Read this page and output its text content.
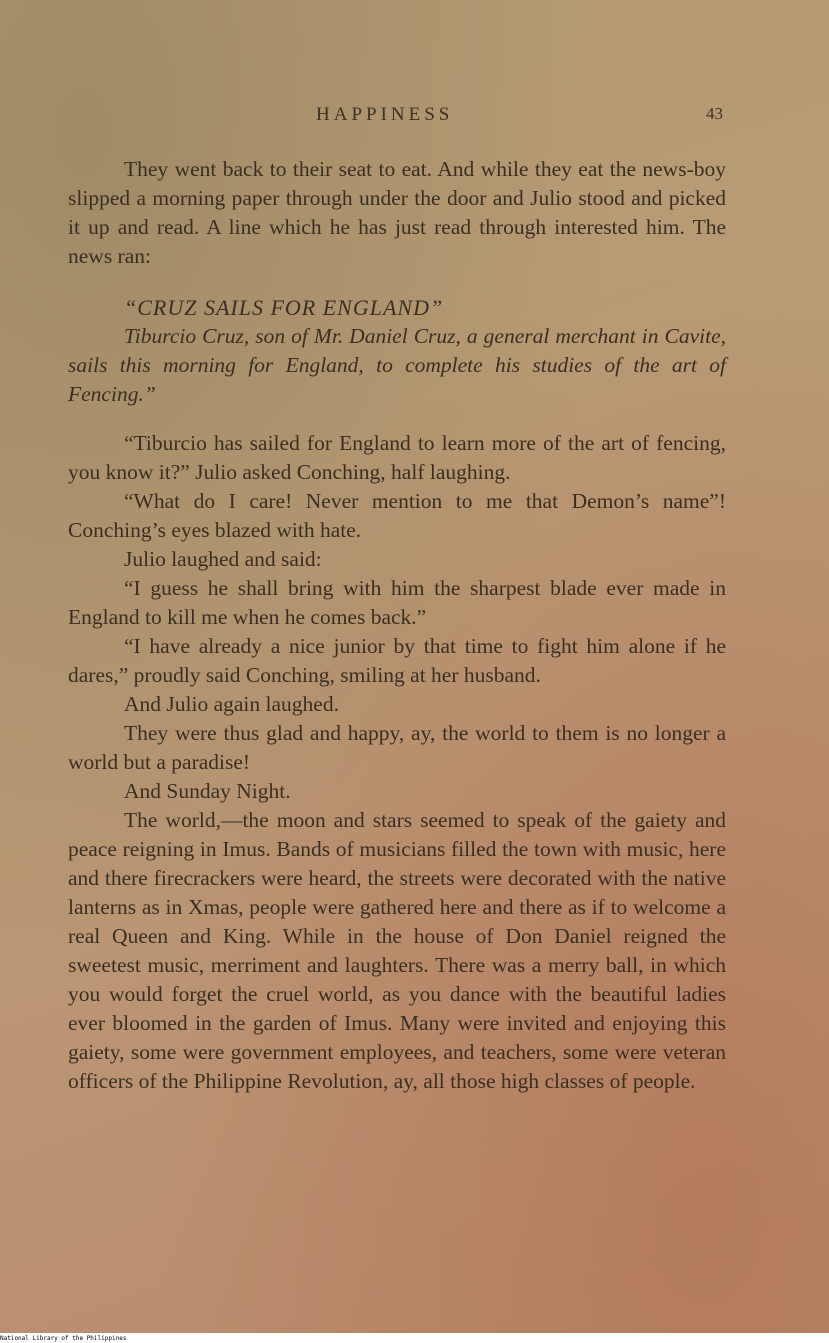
HAPPINESS	43

They went back to their seat to eat. And while they eat the news-boy slipped a morning paper through under the door and Julio stood and picked it up and read. A line which he has just read through interested him. The news ran:

“CRUZ SAILS FOR ENGLAND”

Tiburcio Cruz, son of Mr. Daniel Cruz, a general merchant in Cavite, sails this morning for England, to complete his studies of the art of Fencing.”

“Tiburcio has sailed for England to learn more of the art of fencing, you know it?” Julio asked Conching, half laughing.

“What do I care! Never mention to me that Demon’s name”! Conching’s eyes blazed with hate.

Julio laughed and said:

“I guess he shall bring with him the sharpest blade ever made in England to kill me when he comes back.”

“I have already a nice junior by that time to fight him alone if he dares,” proudly said Conching, smiling at her husband.

And Julio again laughed.

They were thus glad and happy, ay, the world to them is no longer a world but a paradise!

And Sunday Night.

The world,—the moon and stars seemed to speak of the gaiety and peace reigning in Imus. Bands of musicians filled the town with music, here and there firecrackers were heard, the streets were decorated with the native lanterns as in Xmas, people were gathered here and there as if to welcome a real Queen and King. While in the house of Don Daniel reigned the sweetest music, merriment and laughters. There was a merry ball, in which you would forget the cruel world, as you dance with the beautiful ladies ever bloomed in the garden of Imus. Many were invited and enjoying this gaiety, some were government employees, and teachers, some were veteran officers of the Philippine Revolution, ay, all those high classes of people.

National Library of the Philippines
